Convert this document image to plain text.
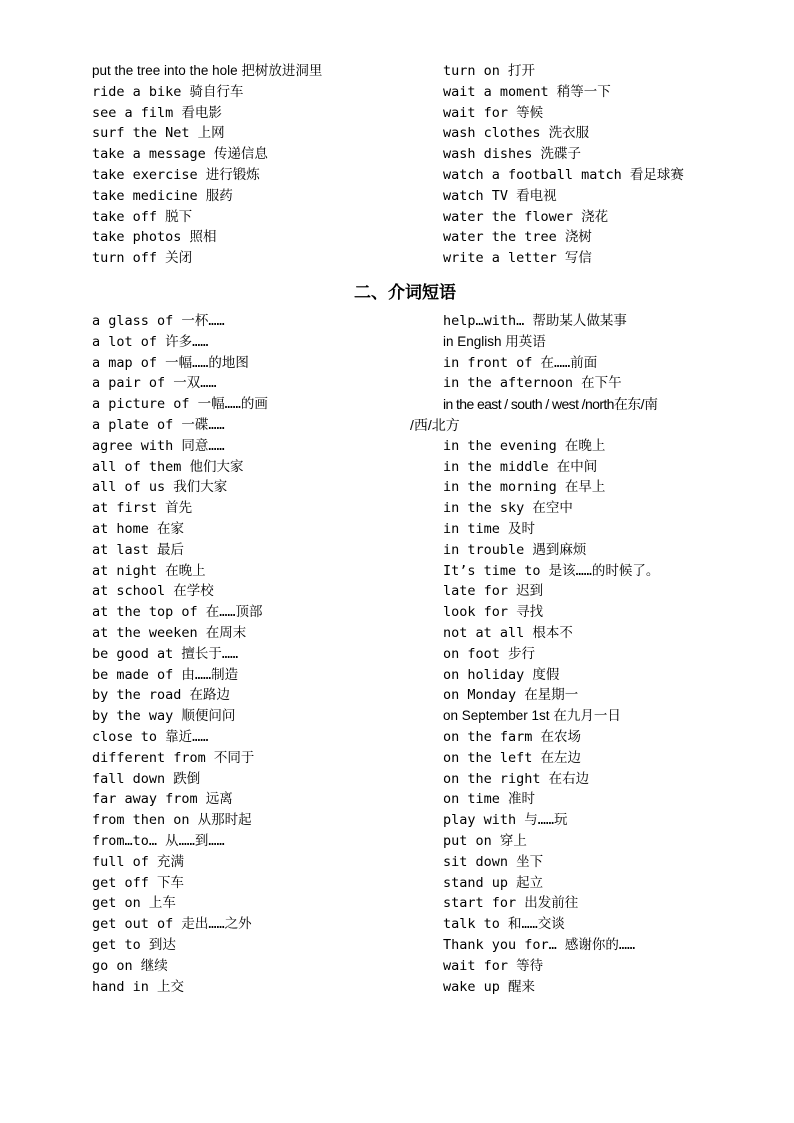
put the tree into the hole 把树放进洞里
ride a bike 骑自行车
see a film 看电影
surf the Net 上网
take a message 传递信息
take exercise 进行锻炼
take medicine 服药
take off 脱下
take photos 照相
turn off 关闭
turn on 打开
wait a moment 稍等一下
wait for 等候
wash clothes 洗衣服
wash dishes 洗碟子
watch a football match 看足球赛
watch TV 看电视
water the flower 浇花
water the tree 浇树
write a letter 写信
二、介词短语
a glass of 一杯……
a lot of 许多……
a map of 一幅……的地图
a pair of 一双……
a picture of 一幅……的画
a plate of 一碟……
agree with 同意……
all of them 他们大家
all of us 我们大家
at first 首先
at home 在家
at last 最后
at night 在晚上
at school 在学校
at the top of 在……顶部
at the weeken 在周末
be good at 擅长于……
be made of 由……制造
by the road 在路边
by the way 顺便问问
close to 靠近……
different from 不同于
fall down 跌倒
far away from 远离
from then on 从那时起
from…to… 从……到……
full of 充满
get off 下车
get on 上车
get out of 走出……之外
get to 到达
go on 继续
hand in 上交
help…with… 帮助某人做某事
in English 用英语
in front of 在……前面
in the afternoon 在下午
in the east / south / west /north在东/南
in the evening 在晚上
in the middle 在中间
in the morning 在早上
in the sky 在空中
in time 及时
in trouble 遇到麻烦
It’s time to 是该……的时候了。
late for 迟到
look for 寻找
not at all 根本不
on foot 步行
on holiday 度假
on Monday 在星期一
on September 1st 在九月一日
on the farm 在农场
on the left 在左边
on the right 在右边
on time 准时
play with 与……玩
put on 穿上
sit down 坐下
stand up 起立
start for 出发前往
talk to 和……交谈
Thank you for… 感谢你的……
wait for 等待
wake up 醒来
/西/北方
